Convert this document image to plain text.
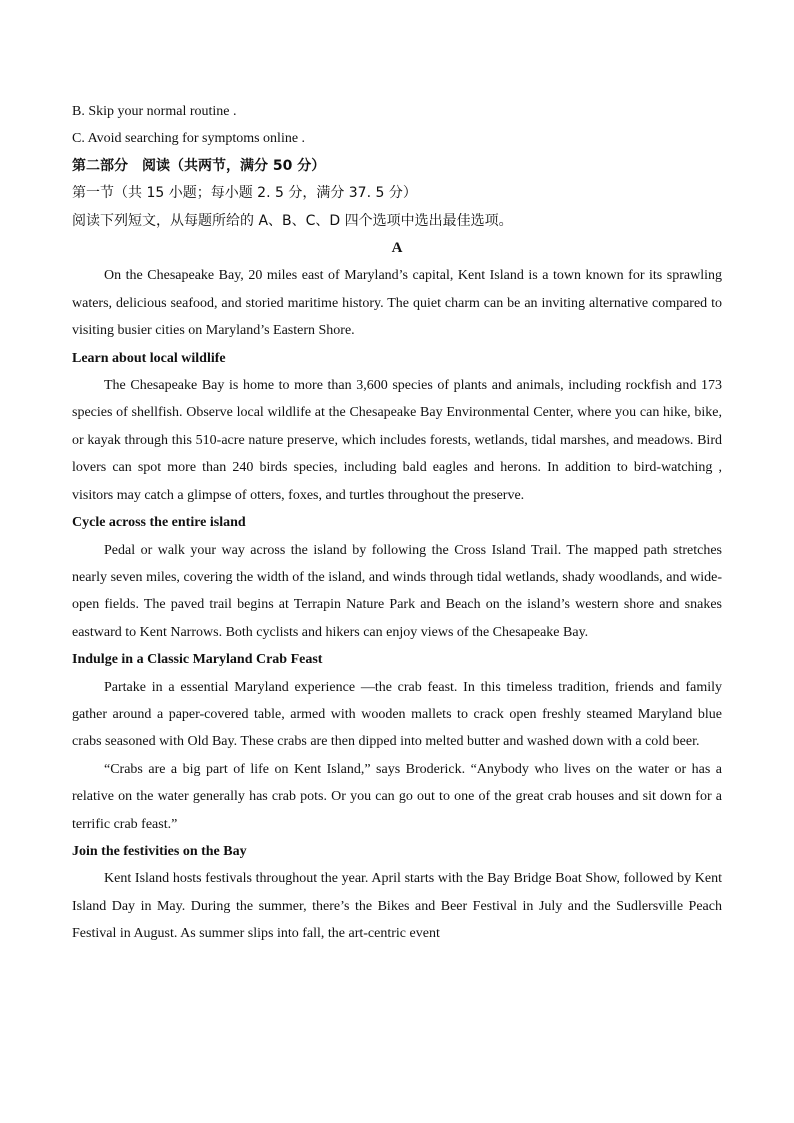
B. Skip your normal routine .
C. Avoid searching for symptoms online .
第二部分　阅读（共两节，满分 50 分）
第一节（共 15 小题；每小题 2. 5 分，满分 37. 5 分）
阅读下列短文，从每题所给的 A、B、C、D 四个选项中选出最佳选项。
A

On the Chesapeake Bay, 20 miles east of Maryland’s capital, Kent Island is a town known for its sprawling waters, delicious seafood, and storied maritime history. The quiet charm can be an inviting alternative compared to visiting busier cities on Maryland’s Eastern Shore.

Learn about local wildlife

The Chesapeake Bay is home to more than 3,600 species of plants and animals, including rockfish and 173 species of shellfish. Observe local wildlife at the Chesapeake Bay Environmental Center, where you can hike, bike, or kayak through this 510-acre nature preserve, which includes forests, wetlands, tidal marshes, and meadows. Bird lovers can spot more than 240 birds species, including bald eagles and herons. In addition to bird-watching , visitors may catch a glimpse of otters, foxes, and turtles throughout the preserve.

Cycle across the entire island

Pedal or walk your way across the island by following the Cross Island Trail. The mapped path stretches nearly seven miles, covering the width of the island, and winds through tidal wetlands, shady woodlands, and wide-open fields. The paved trail begins at Terrapin Nature Park and Beach on the island’s western shore and snakes eastward to Kent Narrows. Both cyclists and hikers can enjoy views of the Chesapeake Bay.

Indulge in a Classic Maryland Crab Feast

Partake in a essential Maryland experience —the crab feast. In this timeless tradition, friends and family gather around a paper-covered table, armed with wooden mallets to crack open freshly steamed Maryland blue crabs seasoned with Old Bay. These crabs are then dipped into melted butter and washed down with a cold beer.

“Crabs are a big part of life on Kent Island,” says Broderick. “Anybody who lives on the water or has a relative on the water generally has crab pots. Or you can go out to one of the great crab houses and sit down for a terrific crab feast.”

Join the festivities on the Bay

Kent Island hosts festivals throughout the year. April starts with the Bay Bridge Boat Show, followed by Kent Island Day in May. During the summer, there’s the Bikes and Beer Festival in July and the Sudlersville Peach Festival in August. As summer slips into fall, the art-centric event
